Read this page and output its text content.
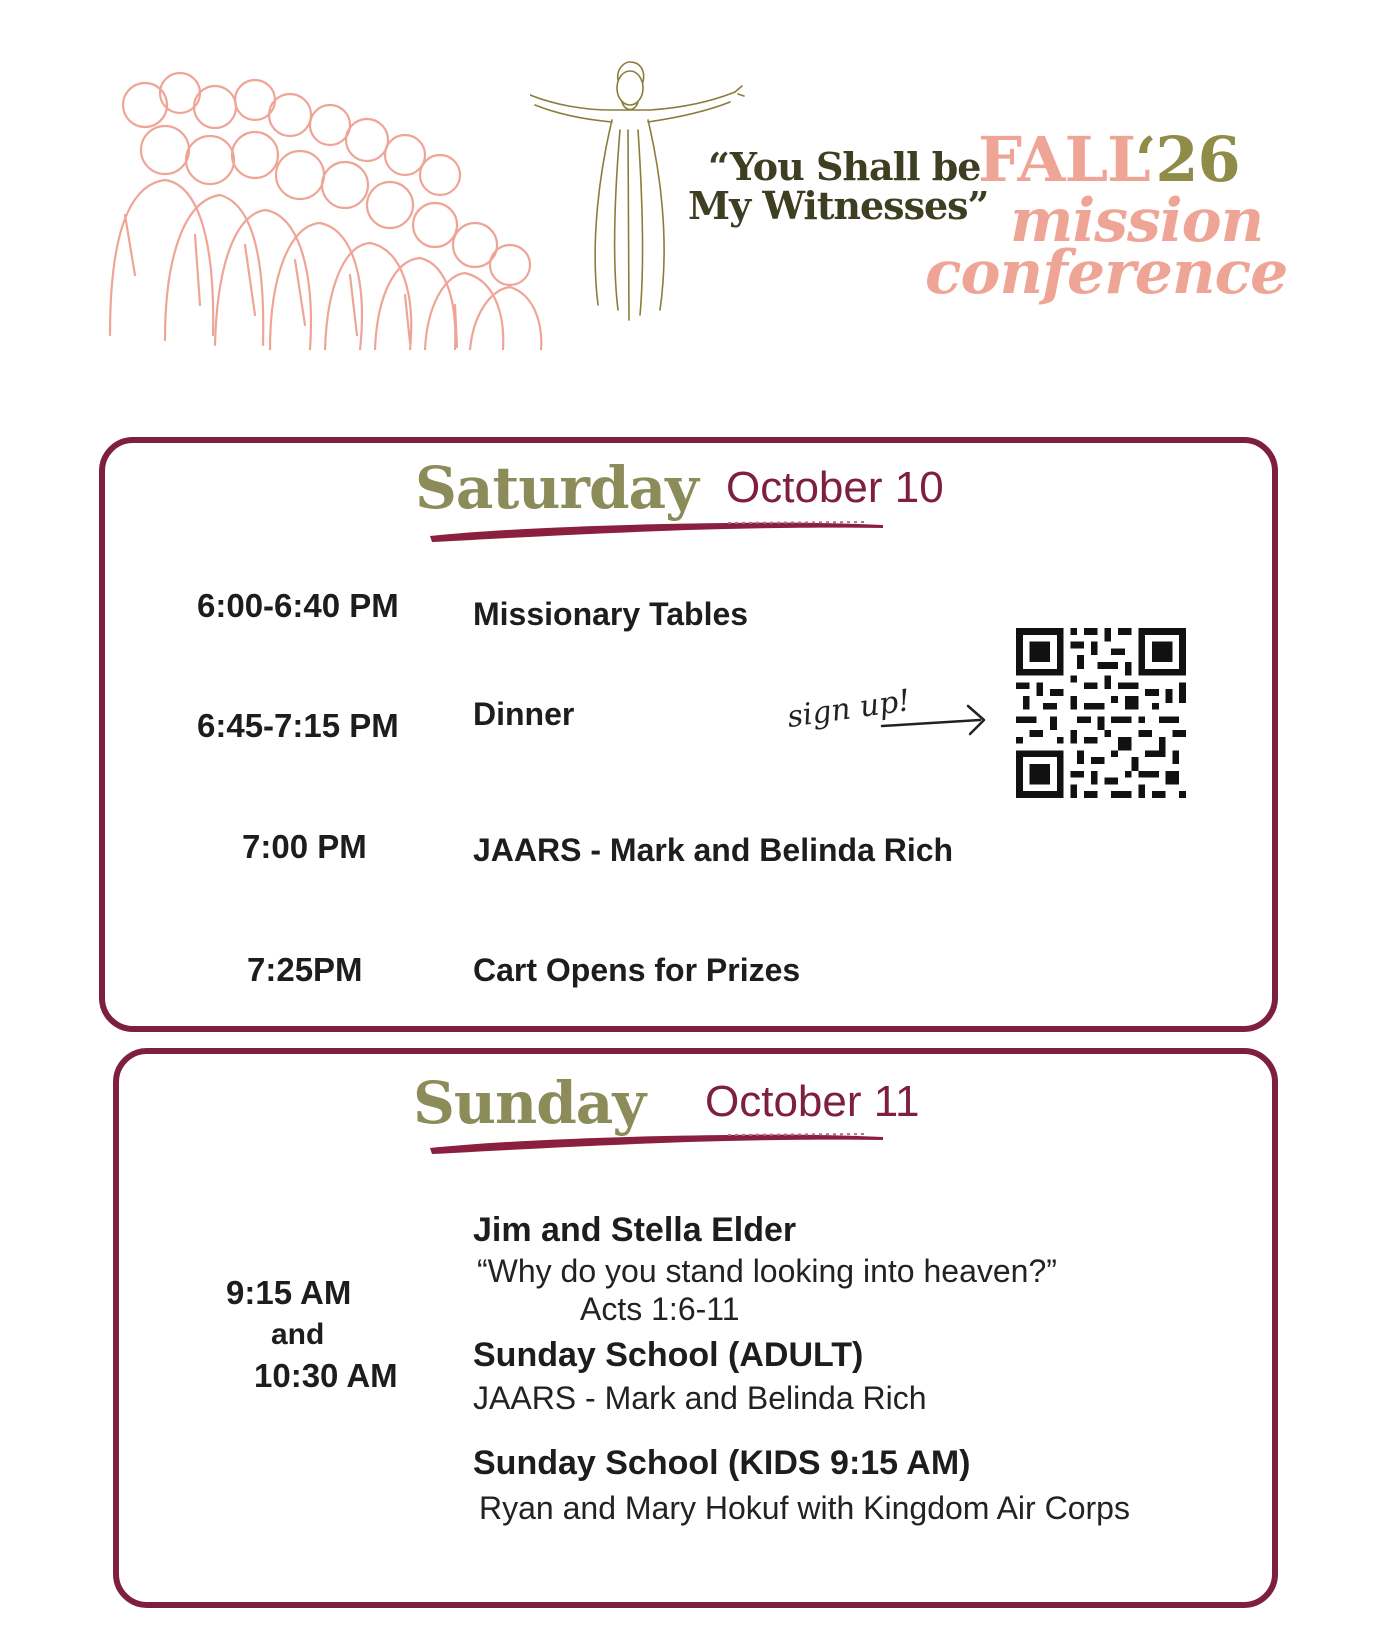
“You Shall be
My Witnesses”
FALL‘26
mission
conference
Saturday October 10
6:00-6:40 PM Missionary Tables
6:45-7:15 PM Dinner
7:00 PM	JAARS - Mark and Belinda Rich
7:25PM	Cart Opens for Prizes
sign up!
Sunday October 11
9:15 AM
and
10:30 AM
Jim and Stella Elder
“Why do you stand looking into heaven?”
Acts 1:6-11
Sunday School (ADULT)
JAARS - Mark and Belinda Rich
Sunday School (KIDS 9:15 AM)
Ryan and Mary Hokuf with Kingdom Air Corps
